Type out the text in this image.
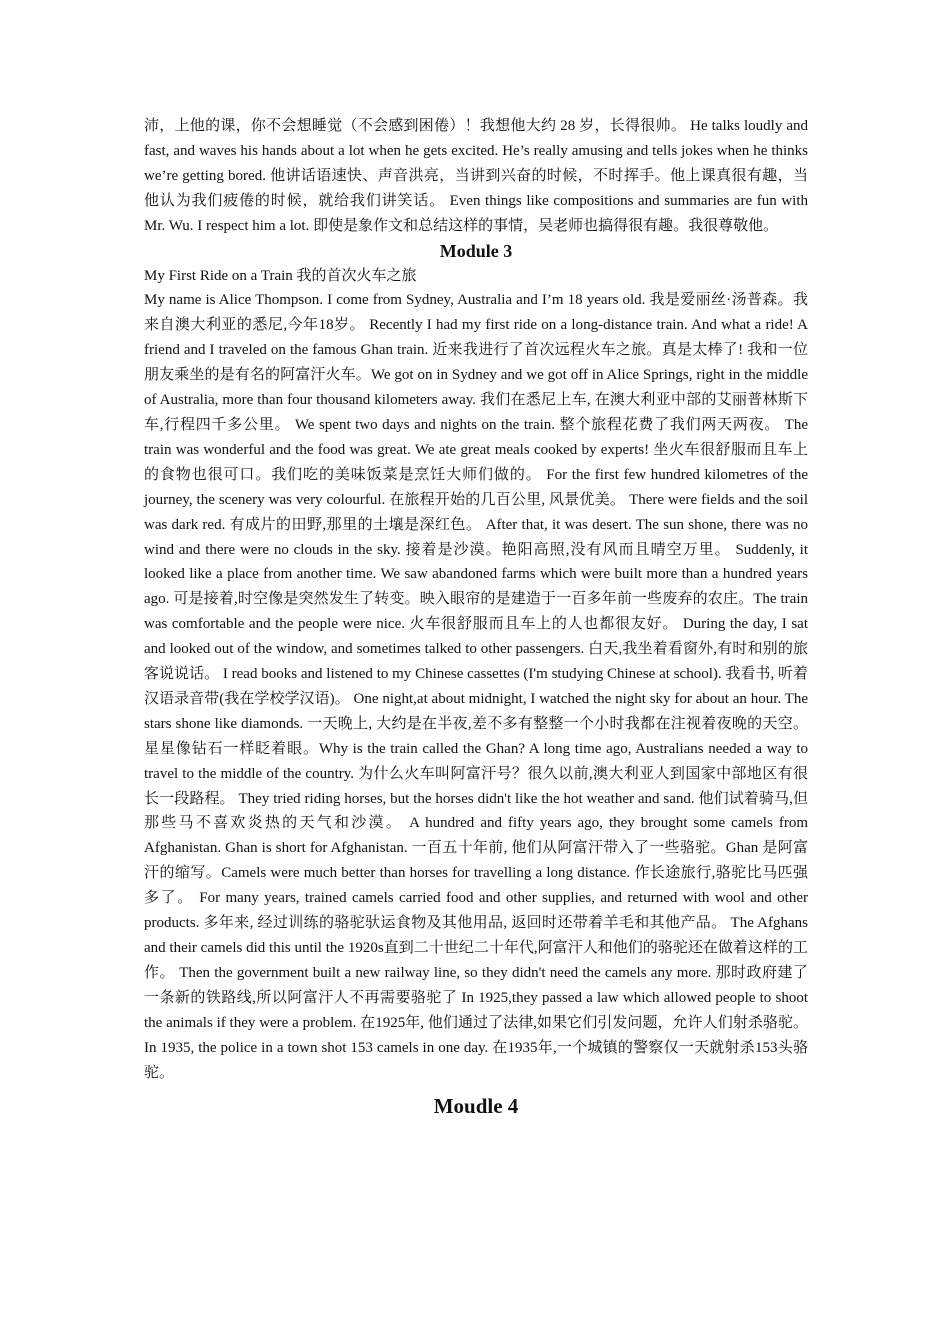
沛，上他的课，你不会想睡觉（不会感到困倦）！我想他大约 28 岁，长得很帅。 He talks loudly and fast, and waves his hands about a lot when he gets excited. He’s really amusing and tells jokes when he thinks we’re getting bored. 他讲话语速快、声音洪亮，当讲到兴奋的时候，不时挥手。他上课真很有趣，当他认为我们疲倦的时候，就给我们讲笑话。 Even things like compositions and summaries are fun with Mr. Wu. I respect him a lot. 即使是象作文和总结这样的事情，吴老师也搞得很有趣。我很尊敬他。

Module 3

My First Ride on a Train 我的首次火车之旅

My name is Alice Thompson. I come from Sydney, Australia and I’m 18 years old. 我是爱丽丝·汤普森。我来自澳大利亚的悉尼,今年18岁。 Recently I had my first ride on a long-distance train. And what a ride! A friend and I traveled on the famous Ghan train. 近来我进行了首次远程火车之旅。真是太棒了! 我和一位朋友乘坐的是有名的阿富汗火车。We got on in Sydney and we got off in Alice Springs, right in the middle of Australia, more than four thousand kilometers away. 我们在悉尼上车, 在澳大利亚中部的艾丽普林斯下车,行程四千多公里。 We spent two days and nights on the train. 整个旅程花费了我们两天两夜。 The train was wonderful and the food was great. We ate great meals cooked by experts! 坐火车很舒服而且车上的食物也很可口。我们吃的美味饭菜是烹饪大师们做的。 For the first few hundred kilometres of the journey, the scenery was very colourful. 在旅程开始的几百公里, 风景优美。 There were fields and the soil was dark red. 有成片的田野,那里的土壤是深红色。 After that, it was desert. The sun shone, there was no wind and there were no clouds in the sky. 接着是沙漠。艳阳高照,没有风而且晴空万里。 Suddenly, it looked like a place from another time. We saw abandoned farms which were built more than a hundred years ago. 可是接着,时空像是突然发生了转变。映入眼帘的是建造于一百多年前一些废弃的农庄。The train was comfortable and the people were nice. 火车很舒服而且车上的人也都很友好。 During the day, I sat and looked out of the window, and sometimes talked to other passengers. 白天,我坐着看窗外,有时和别的旅客说说话。 I read books and listened to my Chinese cassettes (I'm studying Chinese at school). 我看书, 听着汉语录音带(我在学校学汉语)。 One night,at about midnight, I watched the night sky for about an hour. The stars shone like diamonds. 一天晚上, 大约是在半夜,差不多有整整一个小时我都在注视着夜晚的天空。星星像钻石一样眨着眼。Why is the train called the Ghan? A long time ago, Australians needed a way to travel to the middle of the country. 为什么火车叫阿富汗号？很久以前,澳大利亚人到国家中部地区有很长一段路程。 They tried riding horses, but the horses didn't like the hot weather and sand. 他们试着骑马,但那些马不喜欢炎热的天气和沙漠。 A hundred and fifty years ago, they brought some camels from Afghanistan. Ghan is short for Afghanistan. 一百五十年前, 他们从阿富汗带入了一些骆驼。Ghan 是阿富汗的缩写。Camels were much better than horses for travelling a long distance. 作长途旅行,骆驼比马匹强多了。 For many years, trained camels carried food and other supplies, and returned with wool and other products. 多年来, 经过训练的骆驼驮运食物及其他用品, 返回时还带着羊毛和其他产品。 The Afghans and their camels did this until the 1920s直到二十世纪二十年代,阿富汗人和他们的骆驼还在做着这样的工作。 Then the government built a new railway line, so they didn't need the camels any more. 那时政府建了一条新的铁路线,所以阿富汗人不再需要骆驼了 In 1925,they passed a law which allowed people to shoot the animals if they were a problem. 在1925年, 他们通过了法律,如果它们引发问题，允许人们射杀骆驼。 In 1935, the police in a town shot 153 camels in one day. 在1935年,一个城镇的警察仅一天就射杀153头骆驼。

Moudle 4
